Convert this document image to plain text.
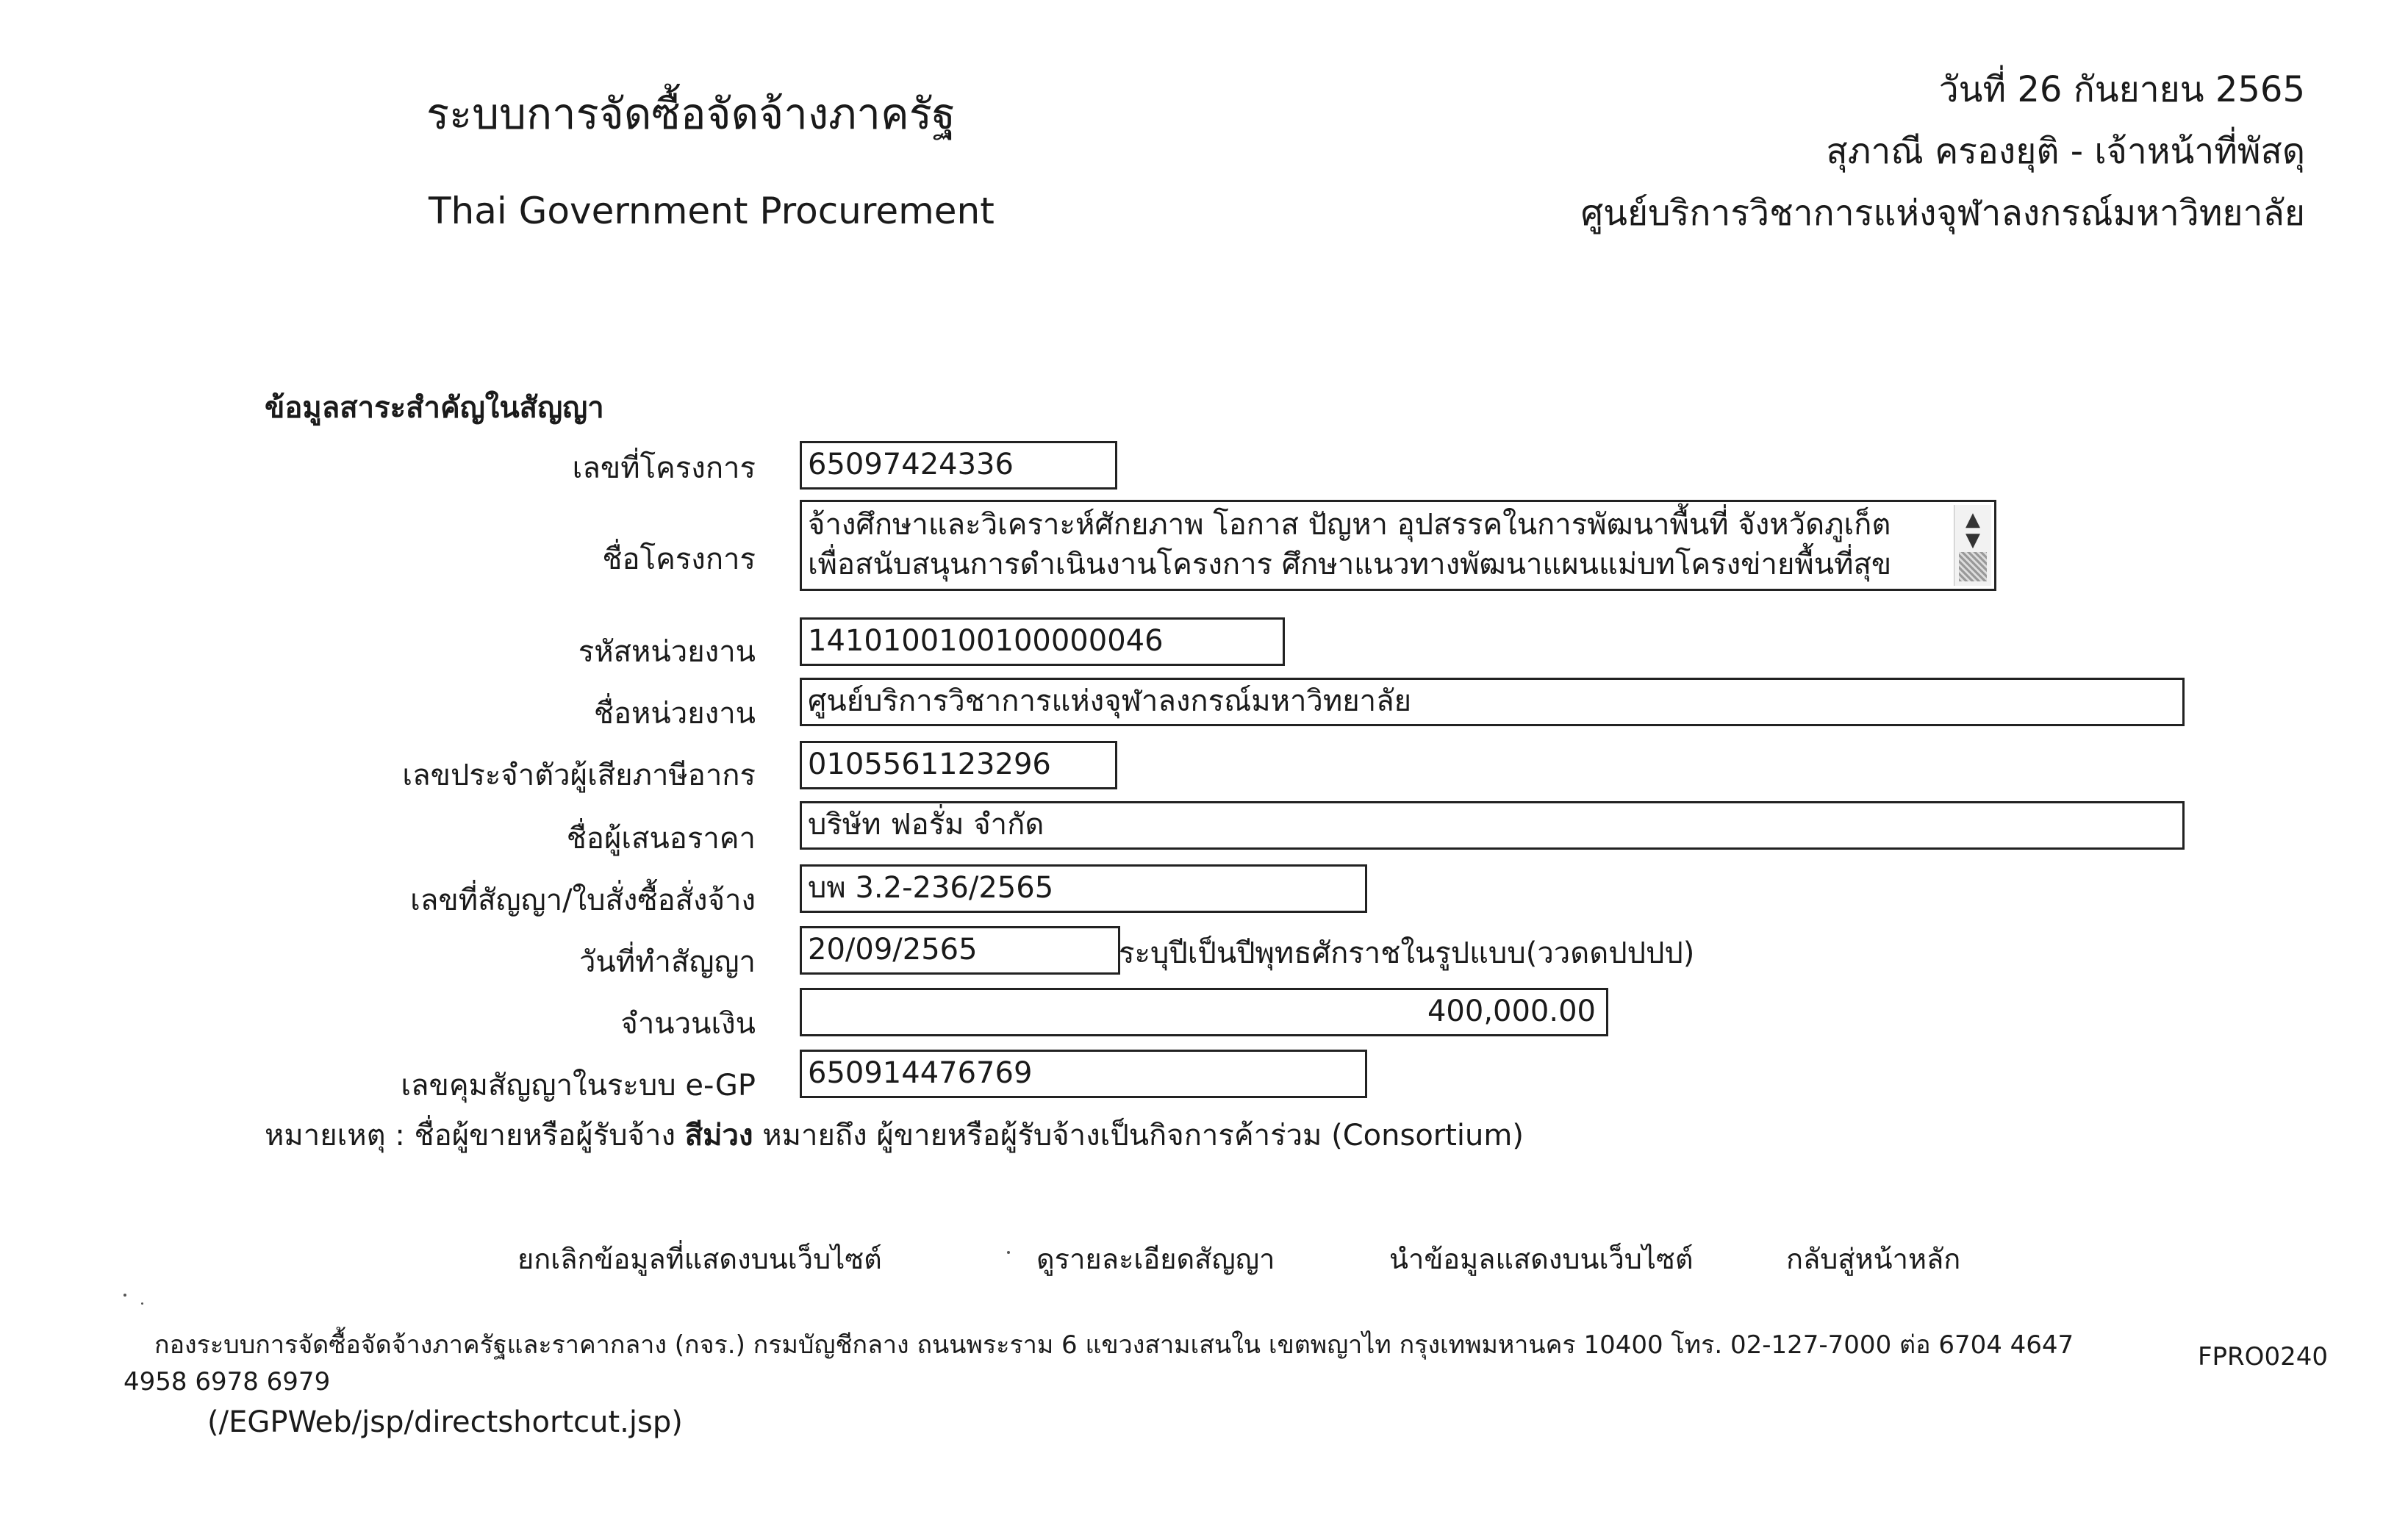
ระบบการจัดซื้อจัดจ้างภาครัฐ
Thai Government Procurement
วันที่ 26 กันยายน 2565
สุภาณี ครองยุติ - เจ้าหน้าที่พัสดุ
ศูนย์บริการวิชาการแห่งจุฬาลงกรณ์มหาวิทยาลัย
ข้อมูลสาระสำคัญในสัญญา
เลขที่โครงการ 65097424336
ชื่อโครงการ
จ้างศึกษาและวิเคราะห์ศักยภาพ โอกาส ปัญหา อุปสรรคในการพัฒนาพื้นที่ จังหวัดภูเก็ต
เพื่อสนับสนุนการดำเนินงานโครงการ ศึกษาแนวทางพัฒนาแผนแม่บทโครงข่ายพื้นที่สุข
▲
▼
รหัสหน่วยงาน 1410100100100000046
ชื่อหน่วยงาน ศูนย์บริการวิชาการแห่งจุฬาลงกรณ์มหาวิทยาลัย
เลขประจำตัวผู้เสียภาษีอากร 0105561123296
ชื่อผู้เสนอราคา บริษัท ฟอรั่ม จำกัด
เลขที่สัญญา/ใบสั่งซื้อสั่งจ้าง บพ 3.2-236/2565
วันที่ทำสัญญา 20/09/2565	ระบุปีเป็นปีพุทธศักราชในรูปแบบ(ววดดปปปป)
จำนวนเงิน	400,000.00
เลขคุมสัญญาในระบบ e-GP 650914476769
หมายเหตุ : ชื่อผู้ขายหรือผู้รับจ้าง สีม่วง หมายถึง ผู้ขายหรือผู้รับจ้างเป็นกิจการค้าร่วม (Consortium)
ยกเลิกข้อมูลที่แสดงบนเว็บไซต์	ดูรายละเอียดสัญญา	นำข้อมูลแสดงบนเว็บไซต์	กลับสู่หน้าหลัก
กองระบบการจัดซื้อจัดจ้างภาครัฐและราคากลาง (กจร.) กรมบัญชีกลาง ถนนพระราม 6 แขวงสามเสนใน เขตพญาไท กรุงเทพมหานคร 10400 โทร. 02-127-7000 ต่อ 6704 4647
4958 6978 6979
(/EGPWeb/jsp/directshortcut.jsp)
FPRO0240
